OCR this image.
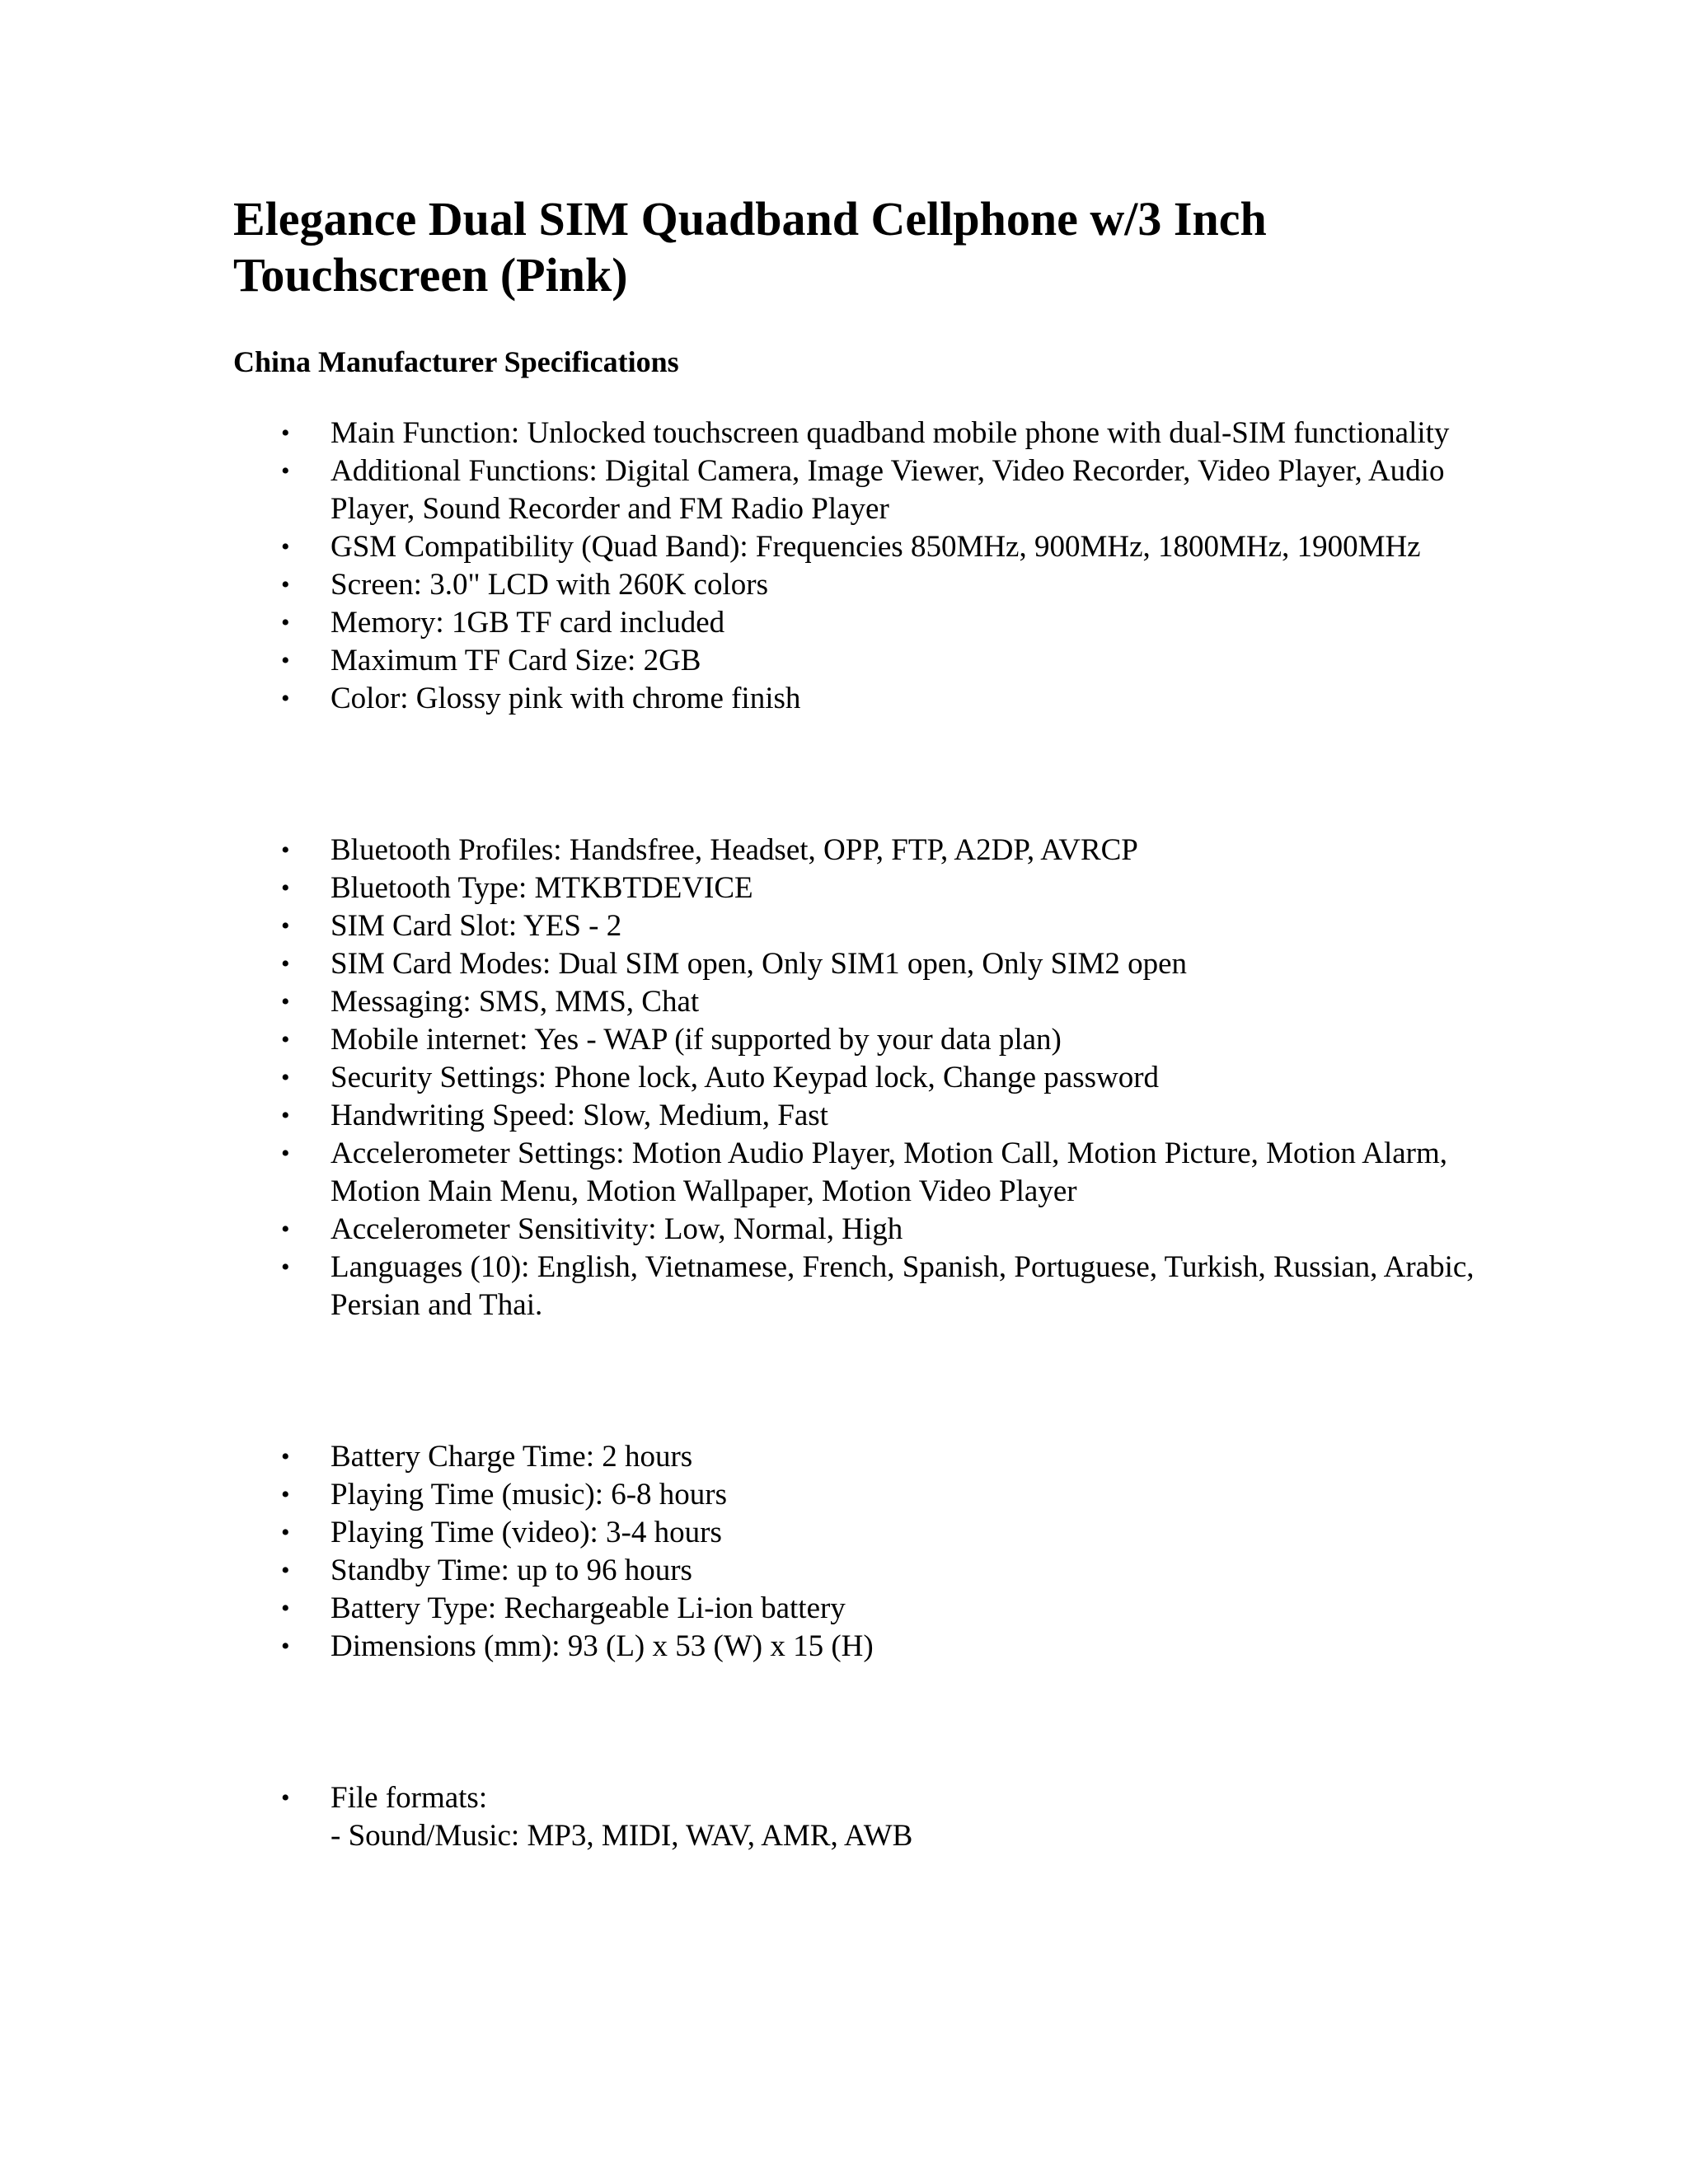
Elegance Dual SIM Quadband Cellphone w/3 Inch Touchscreen (Pink)
China Manufacturer Specifications
• Main Function: Unlocked touchscreen quadband mobile phone with dual-SIM functionality
• Additional Functions: Digital Camera, Image Viewer, Video Recorder, Video Player, Audio Player, Sound Recorder and FM Radio Player
• GSM Compatibility (Quad Band): Frequencies 850MHz, 900MHz, 1800MHz, 1900MHz
• Screen: 3.0" LCD with 260K colors
• Memory: 1GB TF card included
• Maximum TF Card Size: 2GB
• Color: Glossy pink with chrome finish
• Bluetooth Profiles: Handsfree, Headset, OPP, FTP, A2DP, AVRCP
• Bluetooth Type: MTKBTDEVICE
• SIM Card Slot: YES - 2
• SIM Card Modes: Dual SIM open, Only SIM1 open, Only SIM2 open
• Messaging: SMS, MMS, Chat
• Mobile internet: Yes - WAP (if supported by your data plan)
• Security Settings: Phone lock, Auto Keypad lock, Change password
• Handwriting Speed: Slow, Medium, Fast
• Accelerometer Settings: Motion Audio Player, Motion Call, Motion Picture, Motion Alarm, Motion Main Menu, Motion Wallpaper, Motion Video Player
• Accelerometer Sensitivity: Low, Normal, High
• Languages (10): English, Vietnamese, French, Spanish, Portuguese, Turkish, Russian, Arabic, Persian and Thai.
• Battery Charge Time: 2 hours
• Playing Time (music): 6-8 hours
• Playing Time (video): 3-4 hours
• Standby Time: up to 96 hours
• Battery Type: Rechargeable Li-ion battery
• Dimensions (mm): 93 (L) x 53 (W) x 15 (H)
• File formats:
- Sound/Music: MP3, MIDI, WAV, AMR, AWB
